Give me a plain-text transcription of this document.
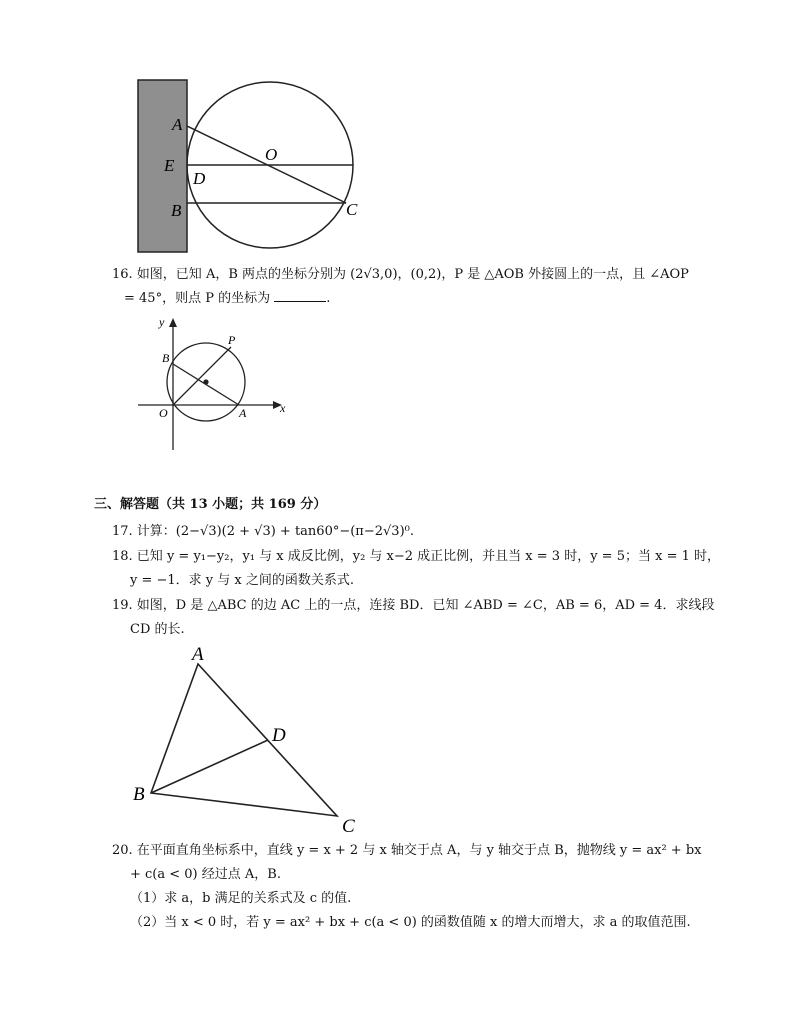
A
E
D
O
B	C
16. 如图，已知 A，B 两点的坐标分别为 (2√3,0)，(0,2)，P 是 △AOB 外接圆上的一点，且 ∠AOP
= 45°，则点 P 的坐标为	.
y
x
O	A
B
P
三、解答题（共 13 小题；共 169 分）
17. 计算：(2−√3)(2 + √3) + tan60°−(π−2√3)⁰.
18. 已知 y = y₁−y₂，y₁ 与 x 成反比例，y₂ 与 x−2 成正比例，并且当 x = 3 时，y = 5；当 x = 1 时，
y = −1．求 y 与 x 之间的函数关系式.
19. 如图，D 是 △ABC 的边 AC 上的一点，连接 BD．已知 ∠ABD = ∠C，AB = 6，AD = 4．求线段
CD 的长.
A
B
C
D
20. 在平面直角坐标系中，直线 y = x + 2 与 x 轴交于点 A，与 y 轴交于点 B，抛物线 y = ax² + bx
+ c(a < 0) 经过点 A，B.
（1）求 a，b 满足的关系式及 c 的值.
（2）当 x < 0 时，若 y = ax² + bx + c(a < 0) 的函数值随 x 的增大而增大，求 a 的取值范围.
